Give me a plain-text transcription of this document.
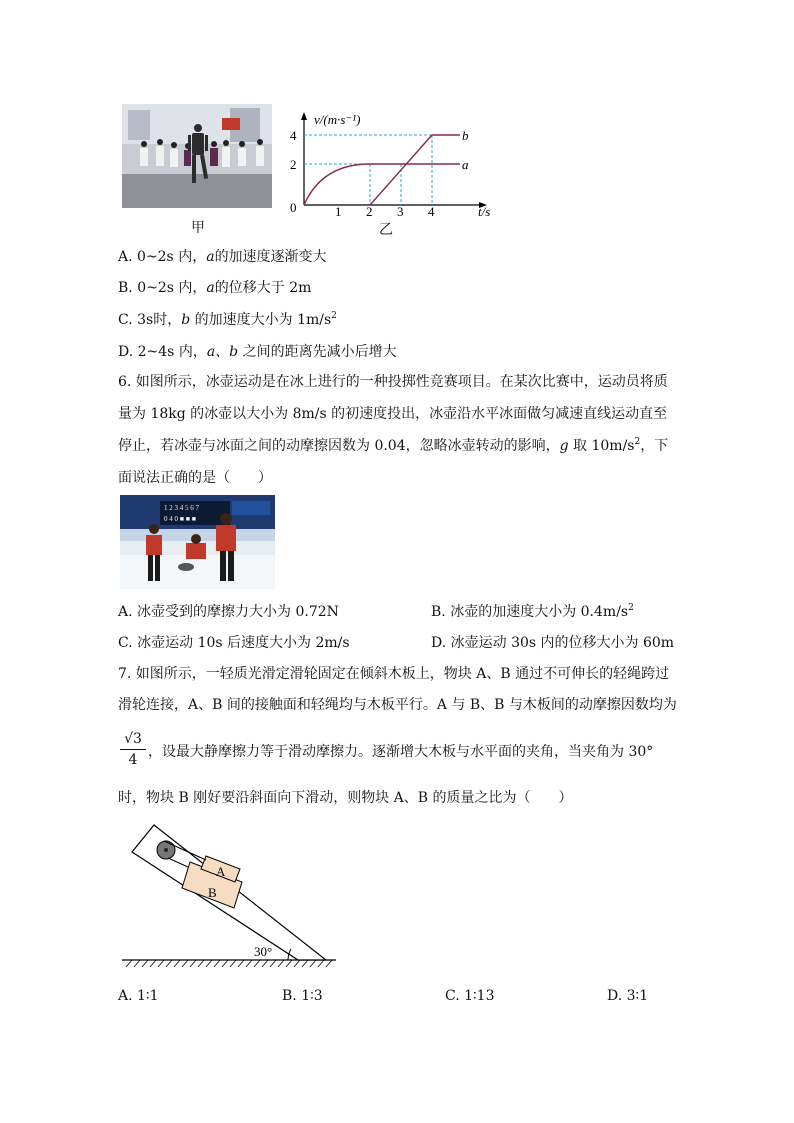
甲
v/(m·s⁻¹)
4
2
0	1 2 3 4	t/s
b
a
乙
A. 0~2s 内，a的加速度逐渐变大
B. 0~2s 内，a的位移大于 2m
C. 3s时，b 的加速度大小为 $1m/s^2$
D. 2~4s 内，a、b 之间的距离先减小后增大
6. 如图所示，冰壶运动是在冰上进行的一种投掷性竞赛项目。在某次比赛中，运动员将质量为 18kg 的冰壶以大小为 8m/s 的初速度投出，冰壶沿水平冰面做匀减速直线运动直至停止，若冰壶与冰面之间的动摩擦因数为 0.04，忽略冰壶转动的影响，g 取 $10m/s^2$，下面说法正确的是（　　）
1 2 3 4 5 6 7
0 4 0 ■ ■ ■
A. 冰壶受到的摩擦力大小为 0.72N	B. 冰壶的加速度大小为 $0.4m/s^2$
C. 冰壶运动 10s 后速度大小为 2m/s	D. 冰壶运动 30s 内的位移大小为 60m
7. 如图所示，一轻质光滑定滑轮固定在倾斜木板上，物块 A、B 通过不可伸长的轻绳跨过
滑轮连接，A、B 间的接触面和轻绳均与木板平行。A 与 B、B 与木板间的动摩擦因数均为
√3
4 ，设最大静摩擦力等于滑动摩擦力。逐渐增大木板与水平面的夹角，当夹角为 30°
时，物块 B 刚好要沿斜面向下滑动，则物块 A、B 的质量之比为（　　）
A
B
30°
A. 1∶1	B. 1∶3	C. 1∶13	D. 3∶1
